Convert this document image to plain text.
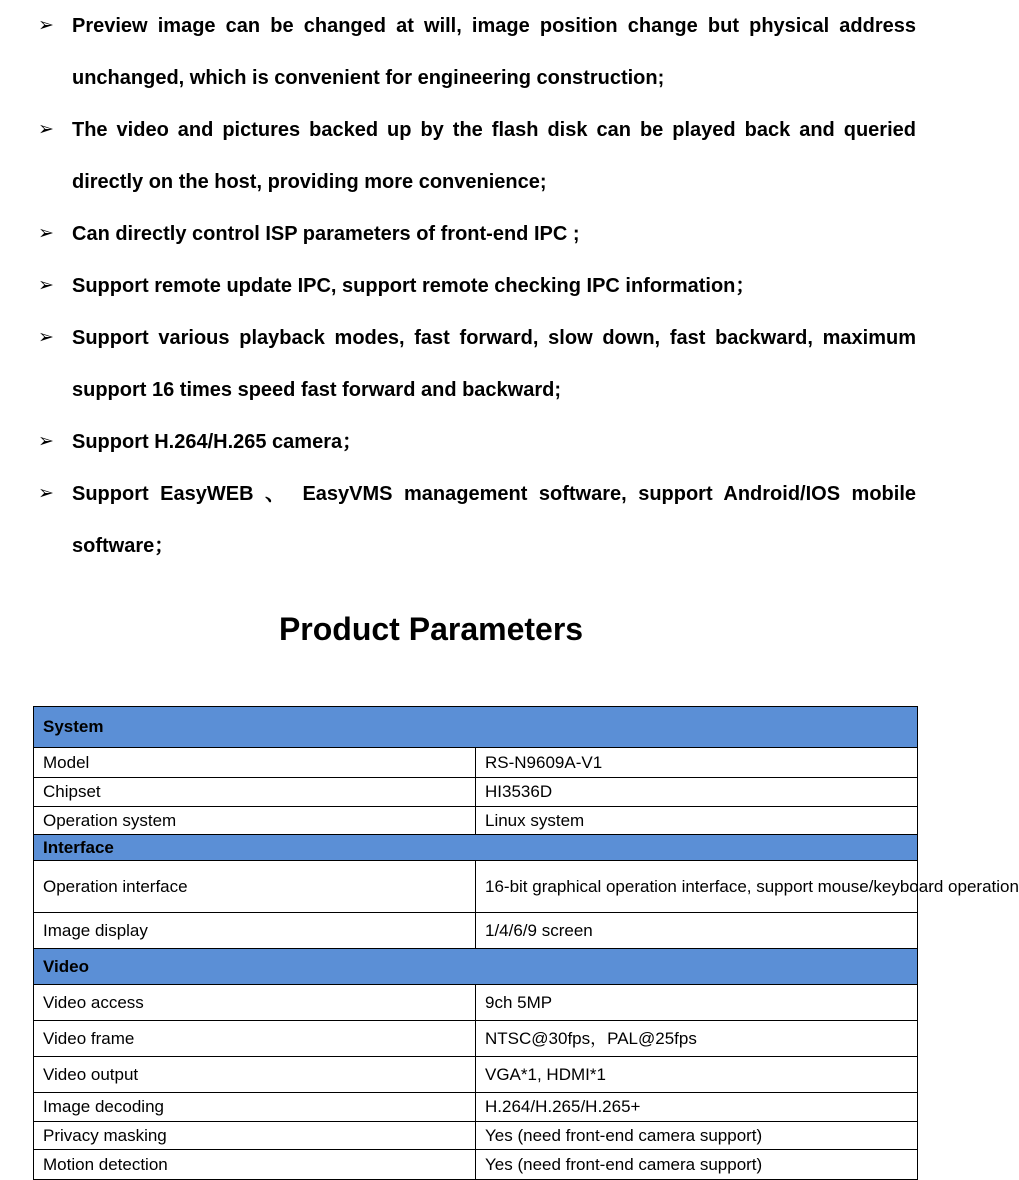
➢ Preview image can be changed at will, image position change but physical address unchanged, which is convenient for engineering construction;
➢ The video and pictures backed up by the flash disk can be played back and queried directly on the host, providing more convenience;
➢ Can directly control ISP parameters of front-end IPC ;
➢ Support remote update IPC, support remote checking IPC information；
➢ Support various playback modes, fast forward, slow down, fast backward, maximum support 16 times speed fast forward and backward;
➢ Support H.264/H.265 camera；
➢ Support EasyWEB 、 EasyVMS management software, support Android/IOS mobile software；
Product Parameters
System	
Model	RS-N9609A-V1
Chipset	HI3536D
Operation system	Linux system
Interface	
Operation interface	16-bit graphical operation interface, support mouse/keyboard operation
Image display	1/4/6/9 screen
Video	
Video access	9ch 5MP
Video frame	NTSC@30fps，PAL@25fps
Video output	VGA*1, HDMI*1
Image decoding	H.264/H.265/H.265+
Privacy masking	Yes (need front-end camera support)
Motion detection	Yes (need front-end camera support)
